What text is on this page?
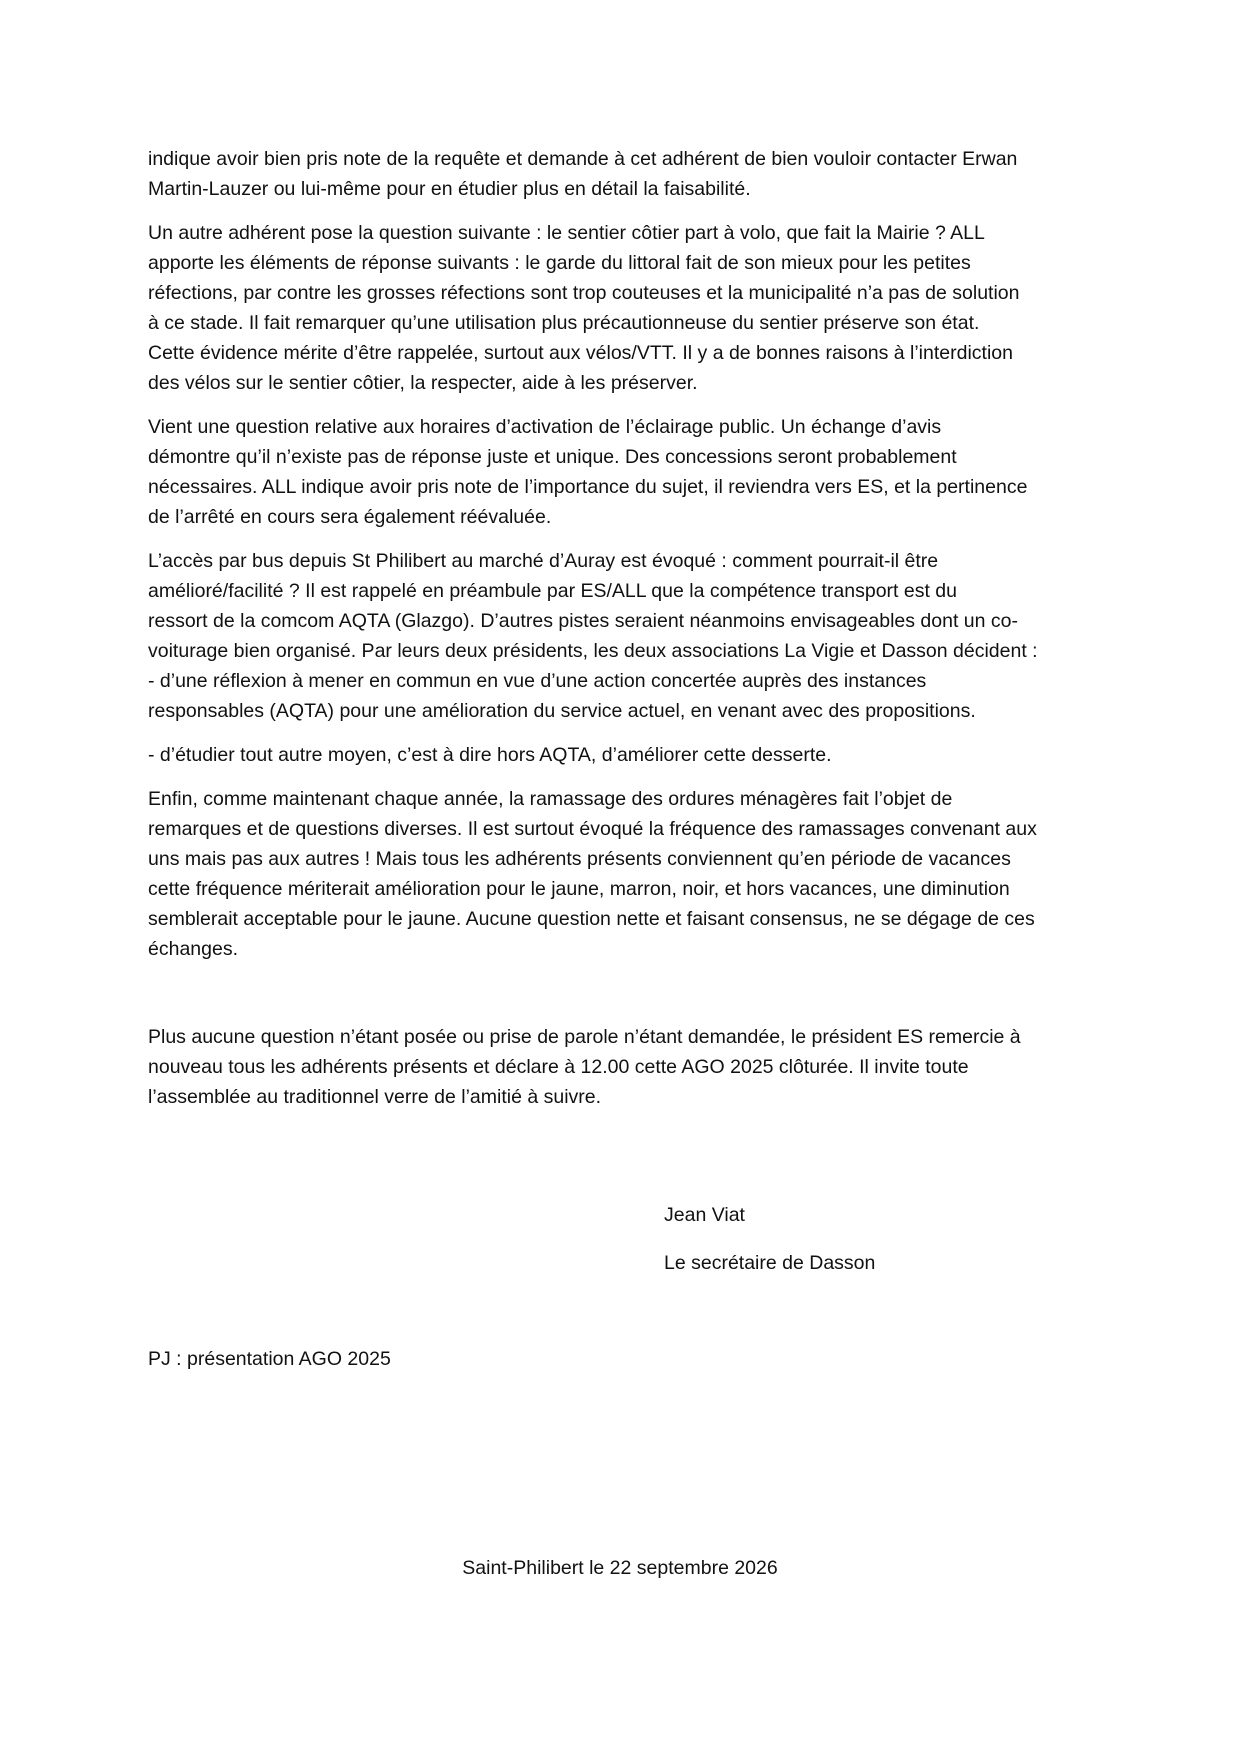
indique avoir bien pris note de la requête et demande à cet adhérent de bien vouloir contacter Erwan
Martin-Lauzer ou lui-même pour en étudier plus en détail la faisabilité.

Un autre adhérent pose la question suivante : le sentier côtier part à volo, que fait la Mairie ? ALL
apporte les éléments de réponse suivants : le garde du littoral fait de son mieux pour les petites
réfections, par contre les grosses réfections sont trop couteuses et la municipalité n’a pas de solution
à ce stade. Il fait remarquer qu’une utilisation plus précautionneuse du sentier préserve son état.
Cette évidence mérite d’être rappelée, surtout aux vélos/VTT. Il y a de bonnes raisons à l’interdiction
des vélos sur le sentier côtier, la respecter, aide à les préserver.

Vient une question relative aux horaires d’activation de l’éclairage public. Un échange d’avis
démontre qu’il n’existe pas de réponse juste et unique. Des concessions seront probablement
nécessaires. ALL indique avoir pris note de l’importance du sujet, il reviendra vers ES, et la pertinence
de l’arrêté en cours sera également réévaluée.

L’accès par bus depuis St Philibert au marché d’Auray est évoqué : comment pourrait-il être
amélioré/facilité ? Il est rappelé en préambule par ES/ALL que la compétence transport est du
ressort de la comcom AQTA (Glazgo). D’autres pistes seraient néanmoins envisageables dont un co-
voiturage bien organisé. Par leurs deux présidents, les deux associations La Vigie et Dasson décident :
- d’une réflexion à mener en commun en vue d’une action concertée auprès des instances
responsables (AQTA) pour une amélioration du service actuel, en venant avec des propositions.

- d’étudier tout autre moyen, c’est à dire hors AQTA, d’améliorer cette desserte.

Enfin, comme maintenant chaque année, la ramassage des ordures ménagères fait l’objet de
remarques et de questions diverses. Il est surtout évoqué la fréquence des ramassages convenant aux
uns mais pas aux autres ! Mais tous les adhérents présents conviennent qu’en période de vacances
cette fréquence mériterait amélioration pour le jaune, marron, noir, et hors vacances, une diminution
semblerait acceptable pour le jaune. Aucune question nette et faisant consensus, ne se dégage de ces
échanges.

Plus aucune question n’étant posée ou prise de parole n’étant demandée, le président ES remercie à
nouveau tous les adhérents présents et déclare à 12.00 cette AGO 2025 clôturée. Il invite toute
l’assemblée au traditionnel verre de l’amitié à suivre.

Jean Viat
Le secrétaire de Dasson
PJ : présentation AGO 2025
Saint-Philibert le 22 septembre 2026
